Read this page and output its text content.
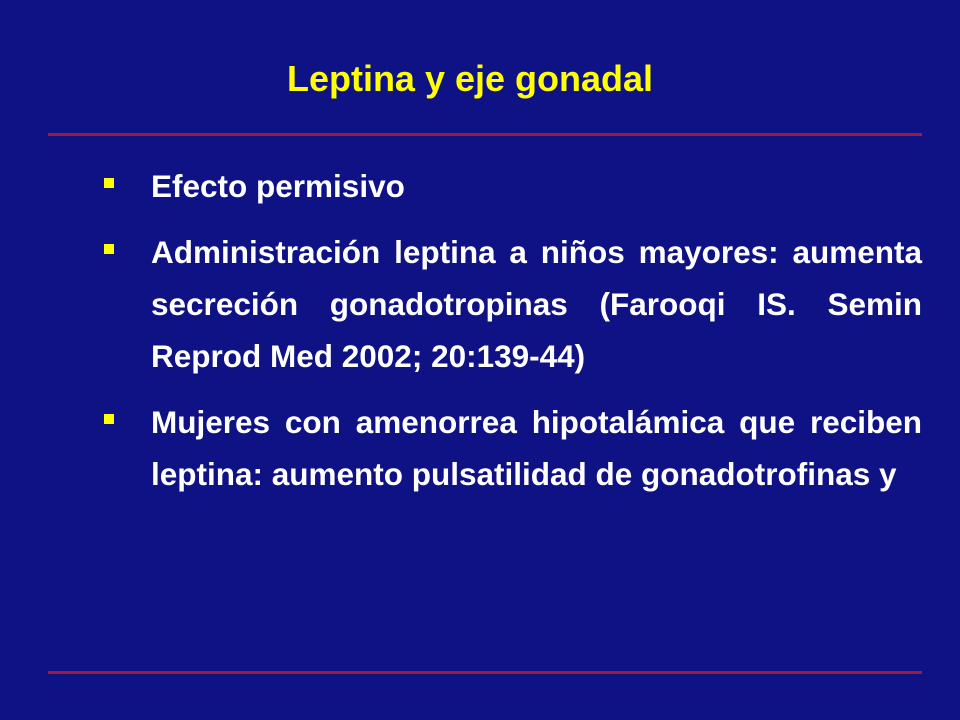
Leptina y eje gonadal
Efecto permisivo
Administración leptina a niños mayores: aumenta secreción gonadotropinas (Farooqi IS. Semin Reprod Med 2002; 20:139-44)
Mujeres con amenorrea hipotalámica que reciben leptina: aumento pulsatilidad de gonadotrofinas y
